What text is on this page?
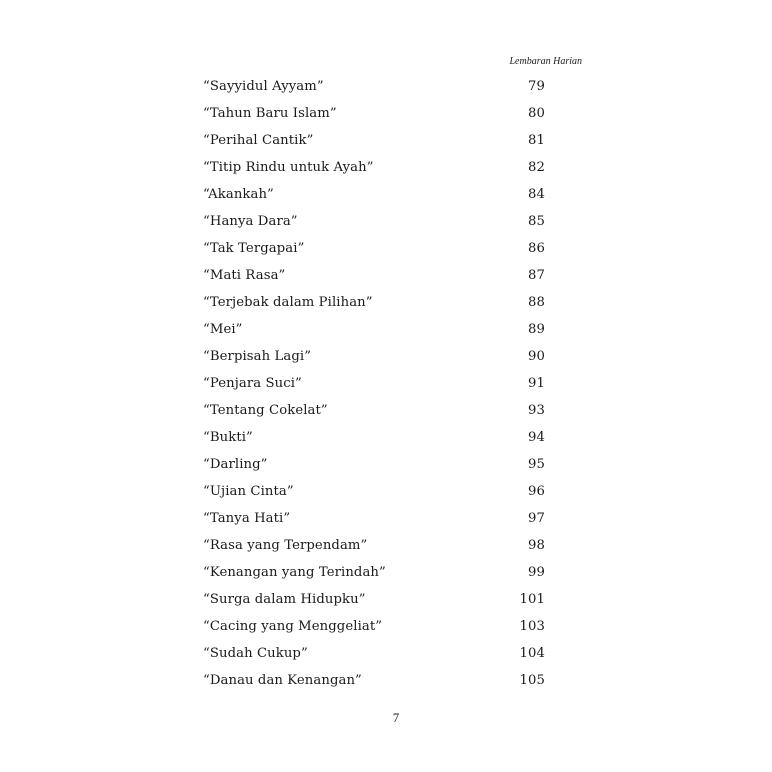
Lembaran Harian
“Sayyidul Ayyam”	79
“Tahun Baru Islam”	80
“Perihal Cantik”	81
“Titip Rindu untuk Ayah”	82
“Akankah”	84
“Hanya Dara”	85
“Tak Tergapai”	86
“Mati Rasa”	87
“Terjebak dalam Pilihan”	88
“Mei”	89
“Berpisah Lagi”	90
“Penjara Suci”	91
“Tentang Cokelat”	93
“Bukti”	94
“Darling”	95
“Ujian Cinta”	96
“Tanya Hati”	97
“Rasa yang Terpendam”	98
“Kenangan yang Terindah”	99
“Surga dalam Hidupku”	101
“Cacing yang Menggeliat”	103
“Sudah Cukup”	104
“Danau dan Kenangan”	105
7
